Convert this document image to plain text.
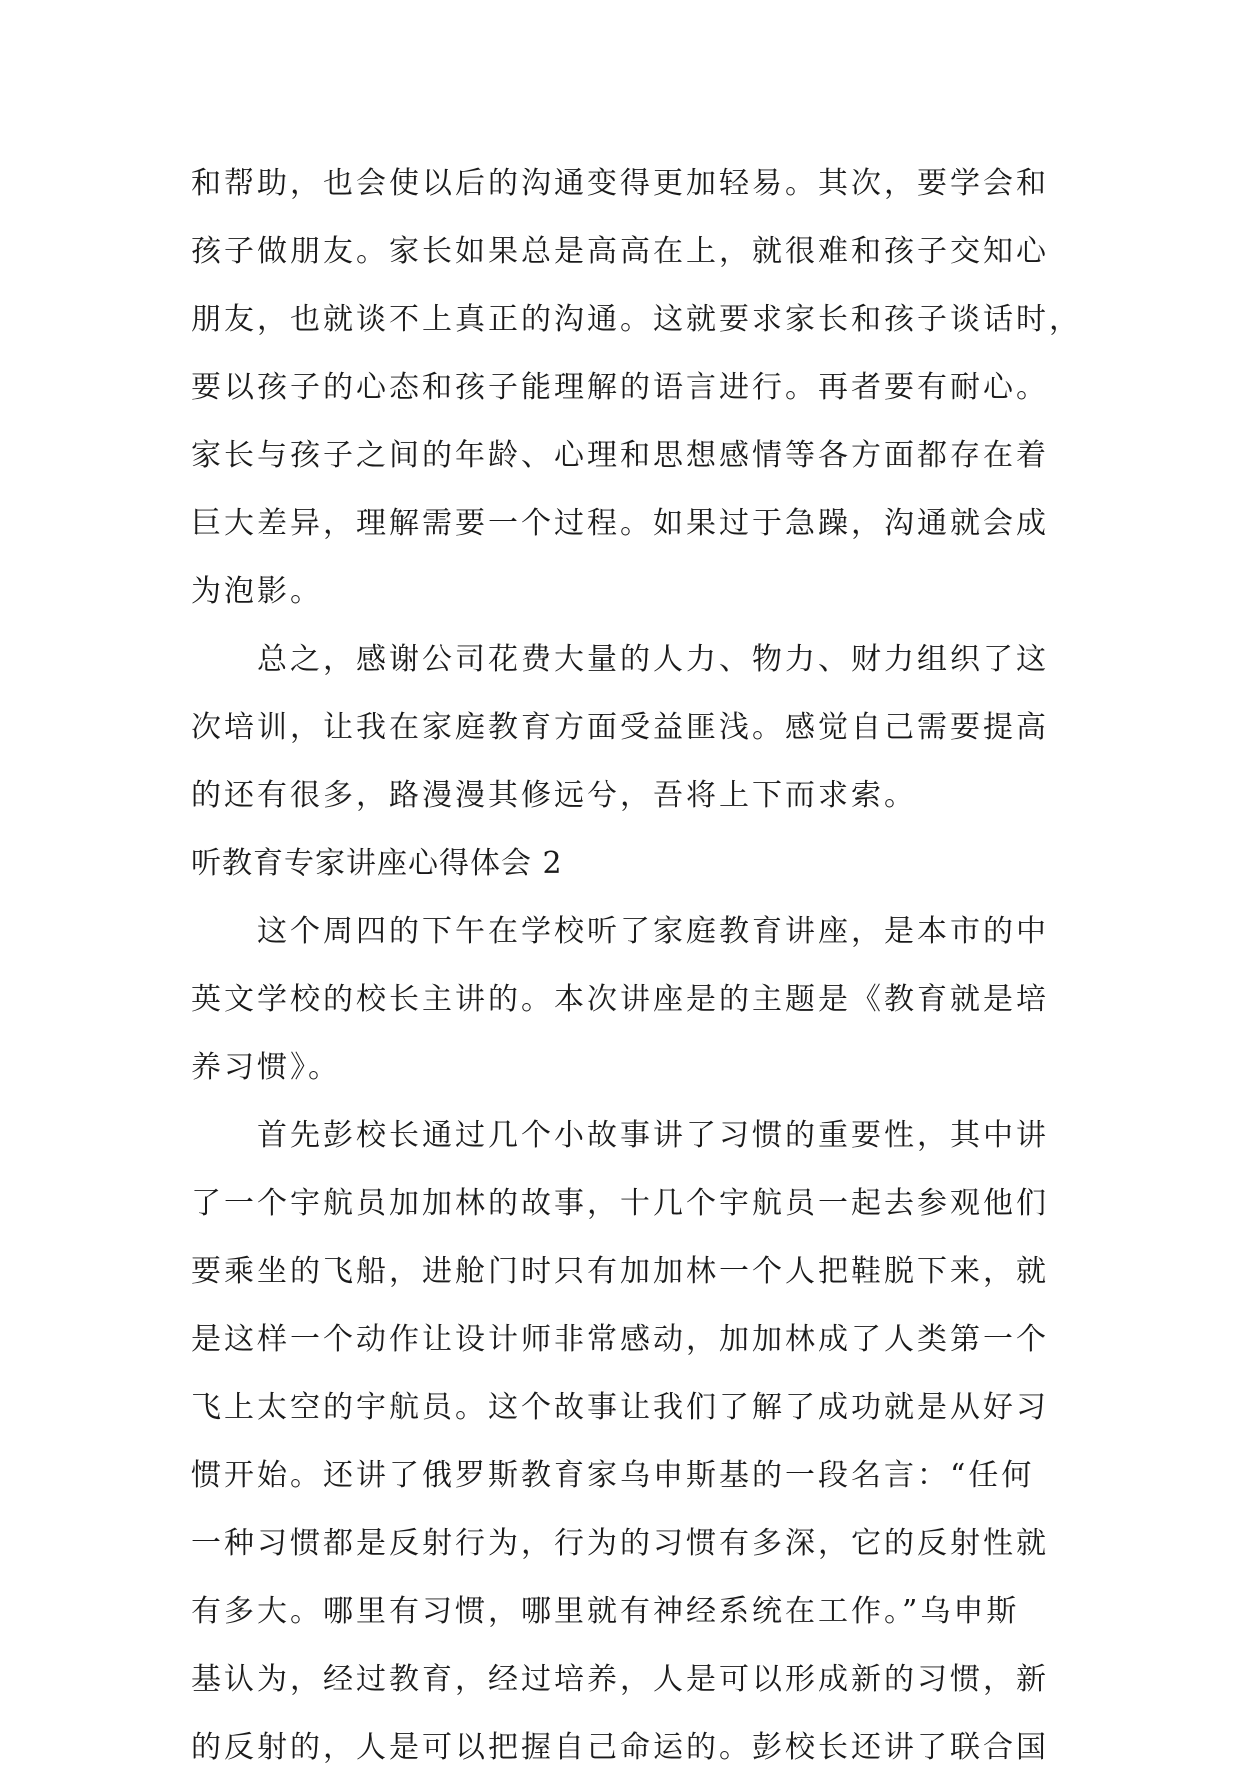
和帮助，也会使以后的沟通变得更加轻易。其次，要学会和

孩子做朋友。家长如果总是高高在上，就很难和孩子交知心

朋友，也就谈不上真正的沟通。这就要求家长和孩子谈话时，

要以孩子的心态和孩子能理解的语言进行。再者要有耐心。

家长与孩子之间的年龄、心理和思想感情等各方面都存在着

巨大差异，理解需要一个过程。如果过于急躁，沟通就会成

为泡影。

总之，感谢公司花费大量的人力、物力、财力组织了这

次培训，让我在家庭教育方面受益匪浅。感觉自己需要提高

的还有很多，路漫漫其修远兮，吾将上下而求索。

听教育专家讲座心得体会 2

这个周四的下午在学校听了家庭教育讲座，是本市的中

英文学校的校长主讲的。本次讲座是的主题是《教育就是培

养习惯》。

首先彭校长通过几个小故事讲了习惯的重要性，其中讲

了一个宇航员加加林的故事，十几个宇航员一起去参观他们

要乘坐的飞船，进舱门时只有加加林一个人把鞋脱下来，就

是这样一个动作让设计师非常感动，加加林成了人类第一个

飞上太空的宇航员。这个故事让我们了解了成功就是从好习

惯开始。还讲了俄罗斯教育家乌申斯基的一段名言：“任何

一种习惯都是反射行为，行为的习惯有多深，它的反射性就

有多大。哪里有习惯，哪里就有神经系统在工作。”乌申斯

基认为，经过教育，经过培养，人是可以形成新的习惯，新

的反射的，人是可以把握自己命运的。彭校长还讲了联合国
